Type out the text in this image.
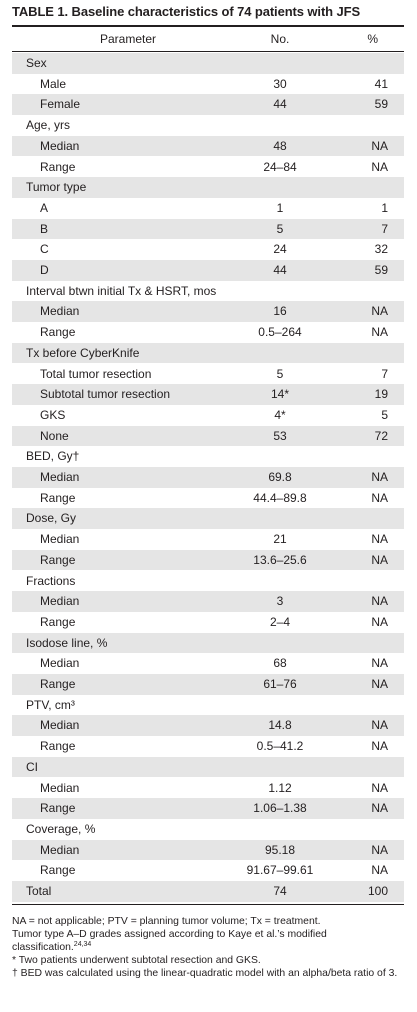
TABLE 1. Baseline characteristics of 74 patients with JFS
Parameter	No.	%
Sex
Male	30	41
Female	44	59
Age, yrs
Median	48	NA
Range	24–84	NA
Tumor type
A	1	1
B	5	7
C	24	32
D	44	59
Interval btwn initial Tx & HSRT, mos
Median	16	NA
Range	0.5–264	NA
Tx before CyberKnife
Total tumor resection	5	7
Subtotal tumor resection	14*	19
GKS	4*	5
None	53	72
BED, Gy†
Median	69.8	NA
Range	44.4–89.8	NA
Dose, Gy
Median	21	NA
Range	13.6–25.6	NA
Fractions
Median	3	NA
Range	2–4	NA
Isodose line, %
Median	68	NA
Range	61–76	NA
PTV, cm³
Median	14.8	NA
Range	0.5–41.2	NA
CI
Median	1.12	NA
Range	1.06–1.38	NA
Coverage, %
Median	95.18	NA
Range	91.67–99.61	NA
Total	74	100

NA = not applicable; PTV = planning tumor volume; Tx = treatment.

Tumor type A–D grades assigned according to Kaye et al.’s modified classification.$^{24,34}$

* Two patients underwent subtotal resection and GKS.

† BED was calculated using the linear-quadratic model with an alpha/beta ratio of 3.
